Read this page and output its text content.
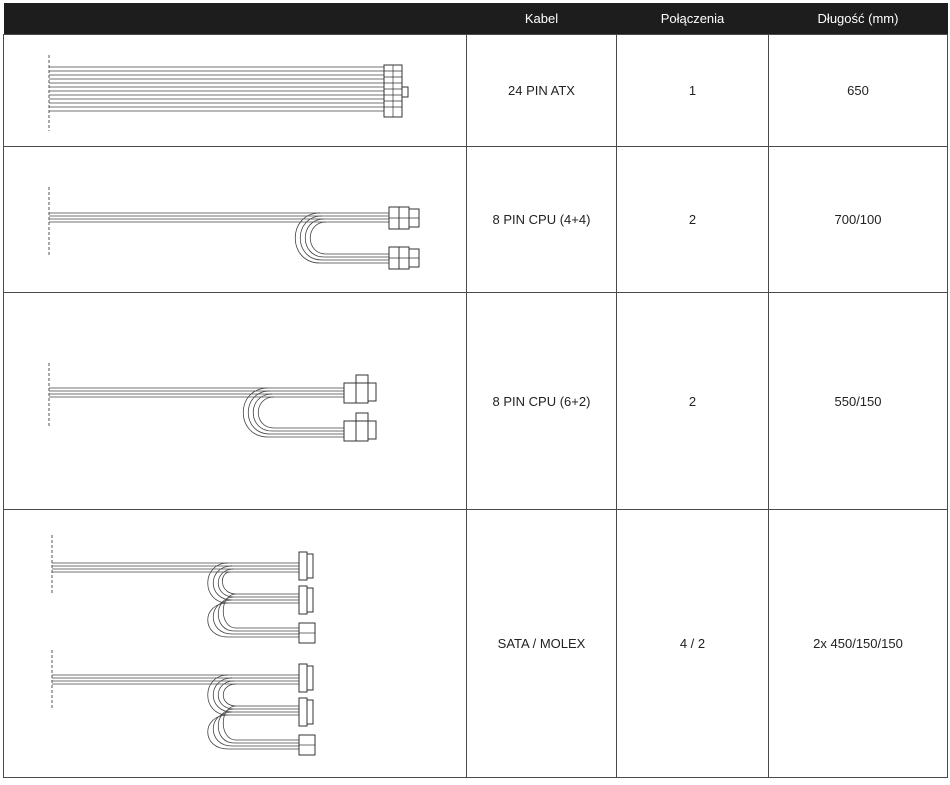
	Kabel	Połączenia	Długość (mm)

	24 PIN ATX	1	650

	8 PIN CPU (4+4)	2	700/100

	8 PIN CPU (6+2)	2	550/150

	SATA / MOLEX	4 / 2	2x 450/150/150
